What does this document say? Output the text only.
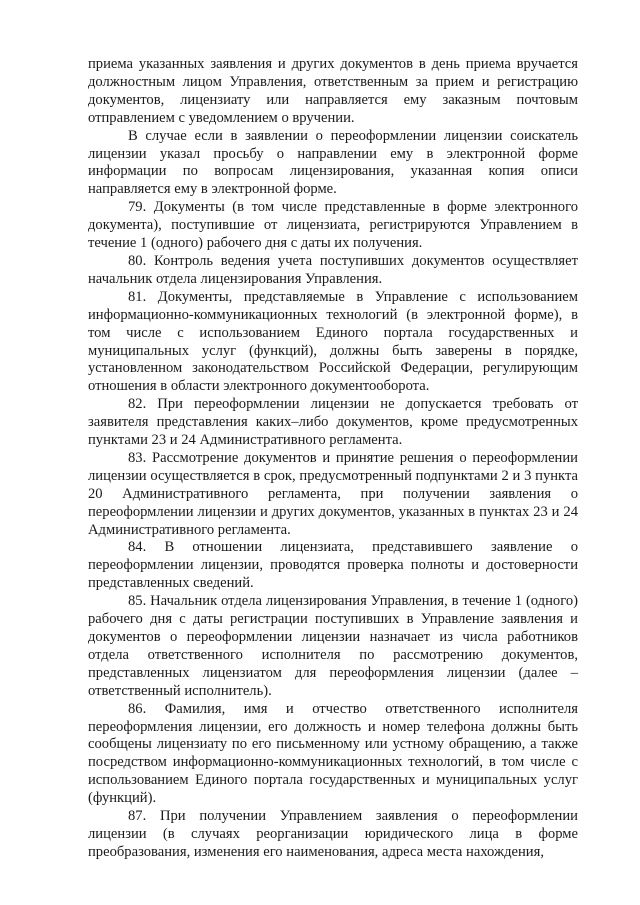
приема указанных заявления и других документов в день приема вручается должностным лицом Управления, ответственным за прием и регистрацию документов, лицензиату или направляется ему заказным почтовым отправлением с уведомлением о вручении.

В случае если в заявлении о переоформлении лицензии соискатель лицензии указал просьбу о направлении ему в электронной форме информации по вопросам лицензирования, указанная копия описи направляется ему в электронной форме.

79. Документы (в том числе представленные в форме электронного документа), поступившие от лицензиата, регистрируются Управлением в течение 1 (одного) рабочего дня с даты их получения.

80. Контроль ведения учета поступивших документов осуществляет начальник отдела лицензирования Управления.

81. Документы, представляемые в Управление с использованием информационно-коммуникационных технологий (в электронной форме), в том числе с использованием Единого портала государственных и муниципальных услуг (функций), должны быть заверены в порядке, установленном законодательством Российской Федерации, регулирующим отношения в области электронного документооборота.

82. При переоформлении лицензии не допускается требовать от заявителя представления каких–либо документов, кроме предусмотренных пунктами 23 и 24 Административного регламента.

83. Рассмотрение документов и принятие решения о переоформлении лицензии осуществляется в срок, предусмотренный подпунктами 2 и 3 пункта 20 Административного регламента, при получении заявления о переоформлении лицензии и других документов, указанных в пунктах 23 и 24 Административного регламента.

84. В отношении лицензиата, представившего заявление о переоформлении лицензии, проводятся проверка полноты и достоверности представленных сведений.

85. Начальник отдела лицензирования Управления, в течение 1 (одного) рабочего дня с даты регистрации поступивших в Управление заявления и документов о переоформлении лицензии назначает из числа работников отдела ответственного исполнителя по рассмотрению документов, представленных лицензиатом для переоформления лицензии (далее – ответственный исполнитель).

86. Фамилия, имя и отчество ответственного исполнителя переоформления лицензии, его должность и номер телефона должны быть сообщены лицензиату по его письменному или устному обращению, а также посредством информационно-коммуникационных технологий, в том числе с использованием Единого портала государственных и муниципальных услуг (функций).

87. При получении Управлением заявления о переоформлении лицензии (в случаях реорганизации юридического лица в форме преобразования, изменения его наименования, адреса места нахождения,
